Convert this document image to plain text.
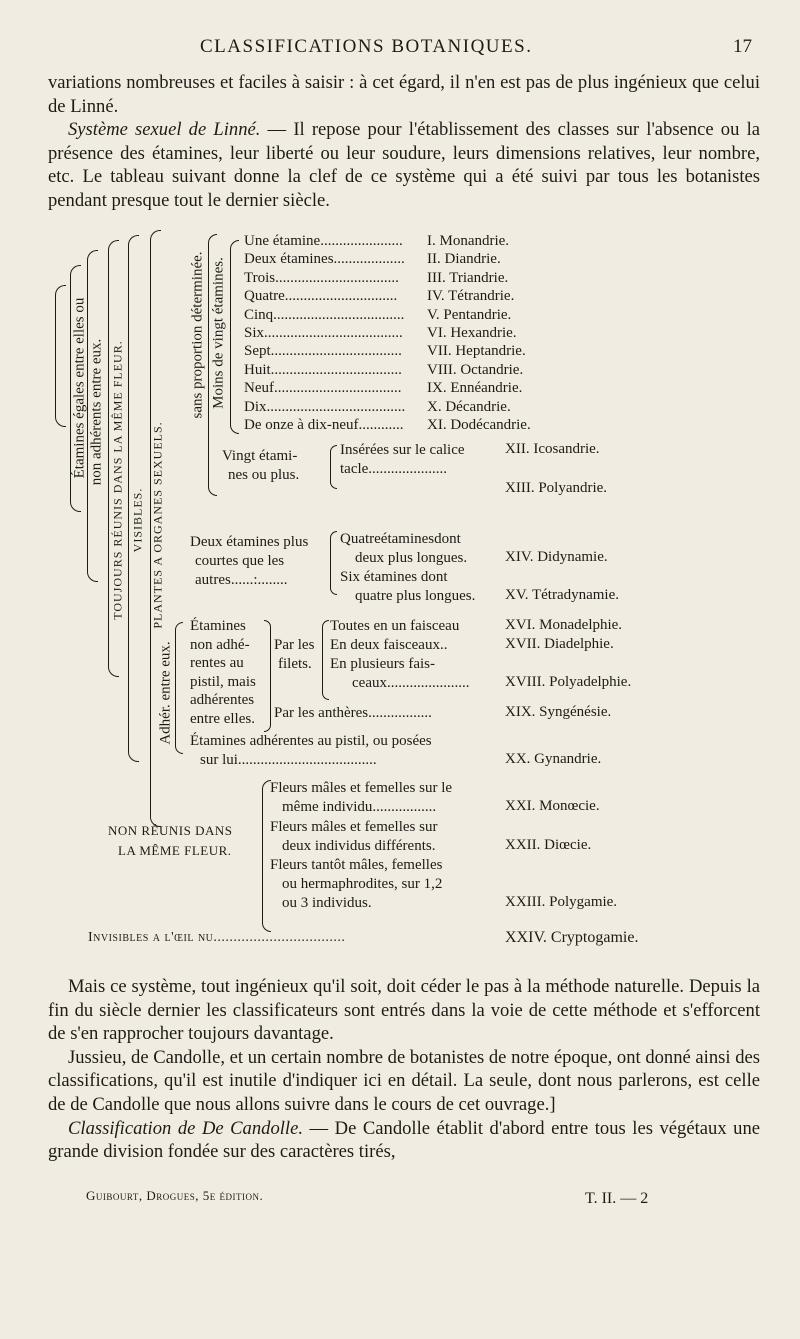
CLASSIFICATIONS BOTANIQUES.	17

variations nombreuses et faciles à saisir : à cet égard, il n'en est pas de plus ingénieux que celui de Linné.

Système sexuel de Linné. — Il repose pour l'établissement des classes sur l'absence ou la présence des étamines, leur liberté ou leur soudure, leurs dimensions relatives, leur nombre, etc. Le tableau suivant donne la clef de ce système qui a été suivi par tous les botanistes pendant presque tout le dernier siècle.

PLANTES A ORGANES SEXUELS.
VISIBLES.
TOUJOURS RÉUNIS DANS LA MÊME FLEUR.
non adhérents entre eux.
Étamines égales entre elles ou	sans proportion déterminée. Moins de vingt étamines.
Une étamine...................... I. Monandrie.
Deux étamines................... II. Diandrie.
Trois................................. III. Triandrie.
Quatre.............................. IV. Tétrandrie.
Cinq................................... V. Pentandrie.
Six..................................... VI. Hexandrie.
Sept................................... VII. Heptandrie.
Huit................................... VIII. Octandrie.
Neuf.................................. IX. Ennéandrie.
Dix..................................... X. Décandrie.
De onze à dix-neuf............ XI. Dodécandrie.
Vingt étami-
nes ou plus.
Insérées sur le calice	XII. Icosandrie.
tacle.....................
XIII. Polyandrie.
Deux étamines plus
courtes que les
autres......:........
Quatreétaminesdont
deux plus longues.	XIV. Didynamie.
Six étamines dont
quatre plus longues. XV. Tétradynamie.
Adhér. entre eux.
Étamines
non adhé-
rentes au
pistil, mais
adhérentes
entre elles.
Par les
filets.
Toutes en un faisceau	XVI. Monadelphie.
En deux faisceaux..	XVII. Diadelphie.
En plusieurs fais-
ceaux...................... XVIII. Polyadelphie.
Par les anthères.................	XIX. Syngénésie.
Étamines adhérentes au pistil, ou posées
sur lui.....................................	XX. Gynandrie.
NON RÉUNIS DANS
LA MÊME FLEUR.
Fleurs mâles et femelles sur le
même individu.................	XXI. Monœcie.
Fleurs mâles et femelles sur
deux individus différents.	XXII. Diœcie.
Fleurs tantôt mâles, femelles
ou hermaphrodites, sur 1,2
ou 3 individus.	XXIII. Polygamie.
Invisibles a l'œil nu.................................	XXIV. Cryptogamie.

Mais ce système, tout ingénieux qu'il soit, doit céder le pas à la méthode naturelle. Depuis la fin du siècle dernier les classificateurs sont entrés dans la voie de cette méthode et s'efforcent de s'en rapprocher toujours davantage.

Jussieu, de Candolle, et un certain nombre de botanistes de notre époque, ont donné ainsi des classifications, qu'il est inutile d'indiquer ici en détail. La seule, dont nous parlerons, est celle de de Candolle que nous allons suivre dans le cours de cet ouvrage.]

Classification de De Candolle. — De Candolle établit d'abord entre tous les végétaux une grande division fondée sur des caractères tirés,

Guibourt, Drogues, 5e édition.	T. II. — 2
